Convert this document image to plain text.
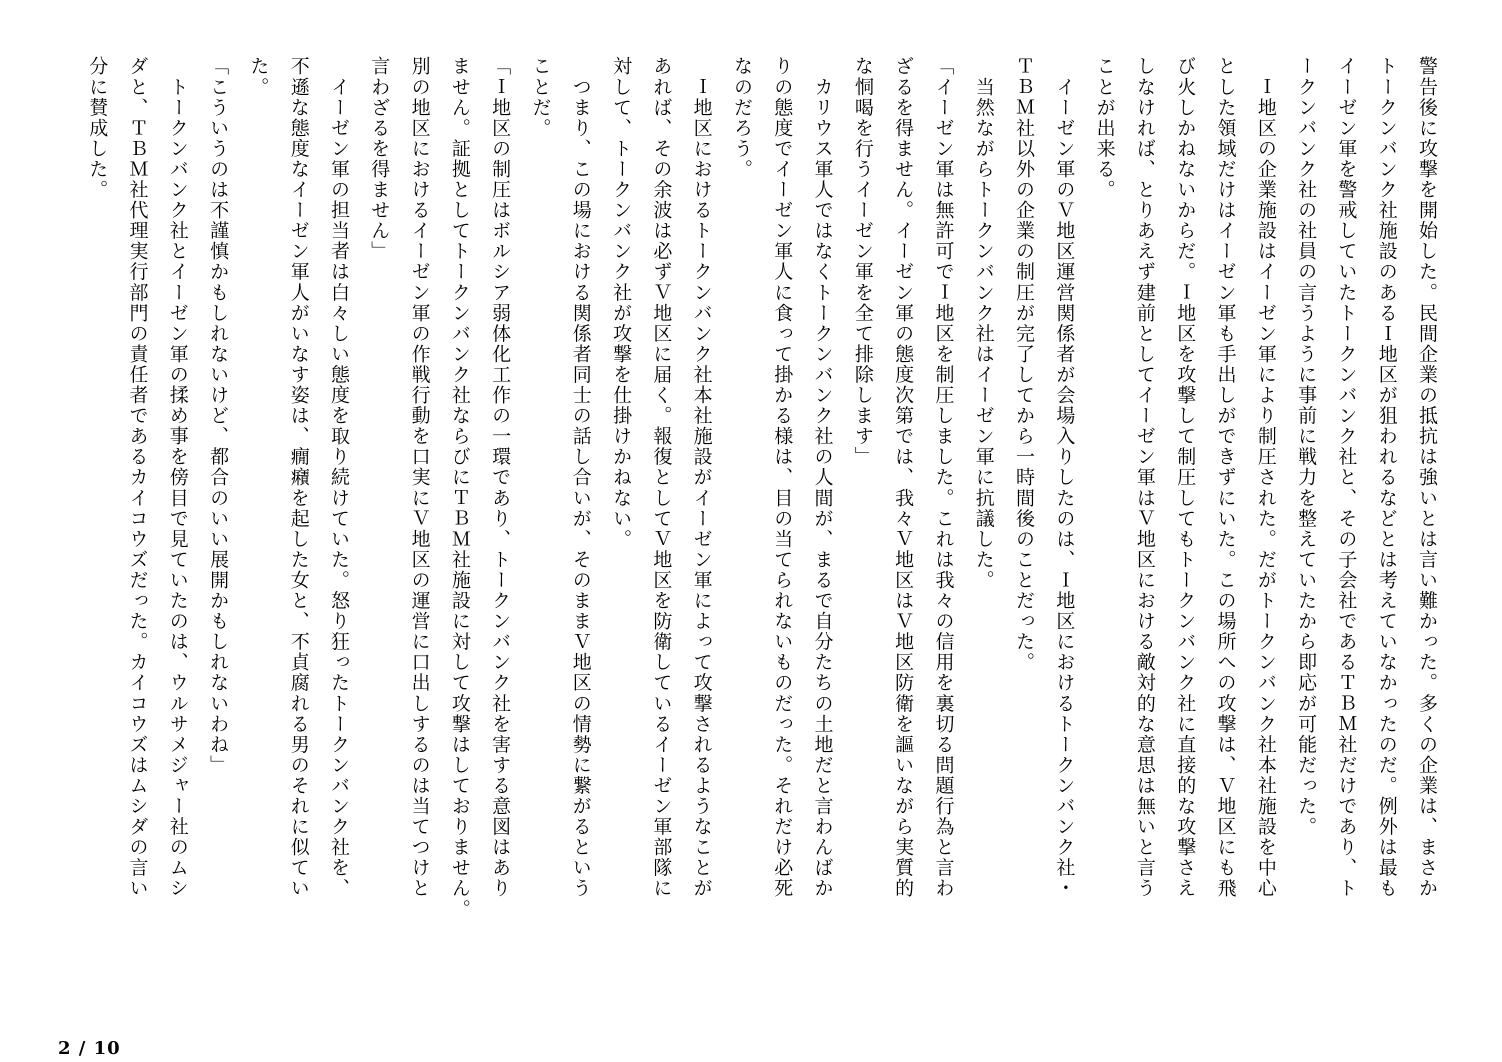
警告後に攻撃を開始した。民間企業の抵抗は強いとは言い難かった。多くの企業は、まさか
トークンバンク社施設のあるＩ地区が狙われるなどとは考えていなかったのだ。例外は最も
イーゼン軍を警戒していたトークンバンク社と、その子会社であるＴＢＭ社だけであり、ト
ークンバンク社の社員の言うように事前に戦力を整えていたから即応が可能だった。

　Ｉ地区の企業施設はイーゼン軍により制圧された。だがトークンバンク社本社施設を中心
とした領域だけはイーゼン軍も手出しができずにいた。この場所への攻撃は、Ｖ地区にも飛
び火しかねないからだ。Ｉ地区を攻撃して制圧してもトークンバンク社に直接的な攻撃さえ
しなければ、とりあえず建前としてイーゼン軍はＶ地区における敵対的な意思は無いと言う
ことが出来る。

　イーゼン軍のＶ地区運営関係者が会場入りしたのは、Ｉ地区におけるトークンバンク社・
ＴＢＭ社以外の企業の制圧が完了してから一時間後のことだった。

　当然ながらトークンバンク社はイーゼン軍に抗議した。

「イーゼン軍は無許可でＩ地区を制圧しました。これは我々の信用を裏切る問題行為と言わ
ざるを得ません。イーゼン軍の態度次第では、我々Ｖ地区はＶ地区防衛を謳いながら実質的
な恫喝を行うイーゼン軍を全て排除します」

　カリウス軍人ではなくトークンバンク社の人間が、まるで自分たちの土地だと言わんばか
りの態度でイーゼン軍人に食って掛かる様は、目の当てられないものだった。それだけ必死
なのだろう。

　Ｉ地区におけるトークンバンク社本社施設がイーゼン軍によって攻撃されるようなことが
あれば、その余波は必ずＶ地区に届く。報復としてＶ地区を防衛しているイーゼン軍部隊に
対して、トークンバンク社が攻撃を仕掛けかねない。

　つまり、この場における関係者同士の話し合いが、そのままＶ地区の情勢に繋がるという
ことだ。

「Ｉ地区の制圧はボルシア弱体化工作の一環であり、トークンバンク社を害する意図はあり
ません。証拠としてトークンバンク社ならびにＴＢＭ社施設に対して攻撃はしておりません。
別の地区におけるイーゼン軍の作戦行動を口実にＶ地区の運営に口出しするのは当てつけと
言わざるを得ません」

　イーゼン軍の担当者は白々しい態度を取り続けていた。怒り狂ったトークンバンク社を、
不遜な態度なイーゼン軍人がいなす姿は、癇癪を起した女と、不貞腐れる男のそれに似てい
た。

「こういうのは不謹慎かもしれないけど、都合のいい展開かもしれないわね」

　トークンバンク社とイーゼン軍の揉め事を傍目で見ていたのは、ウルサメジャー社のムシ
ダと、ＴＢＭ社代理実行部門の責任者であるカイコウズだった。カイコウズはムシダの言い
分に賛成した。

2 / 10
